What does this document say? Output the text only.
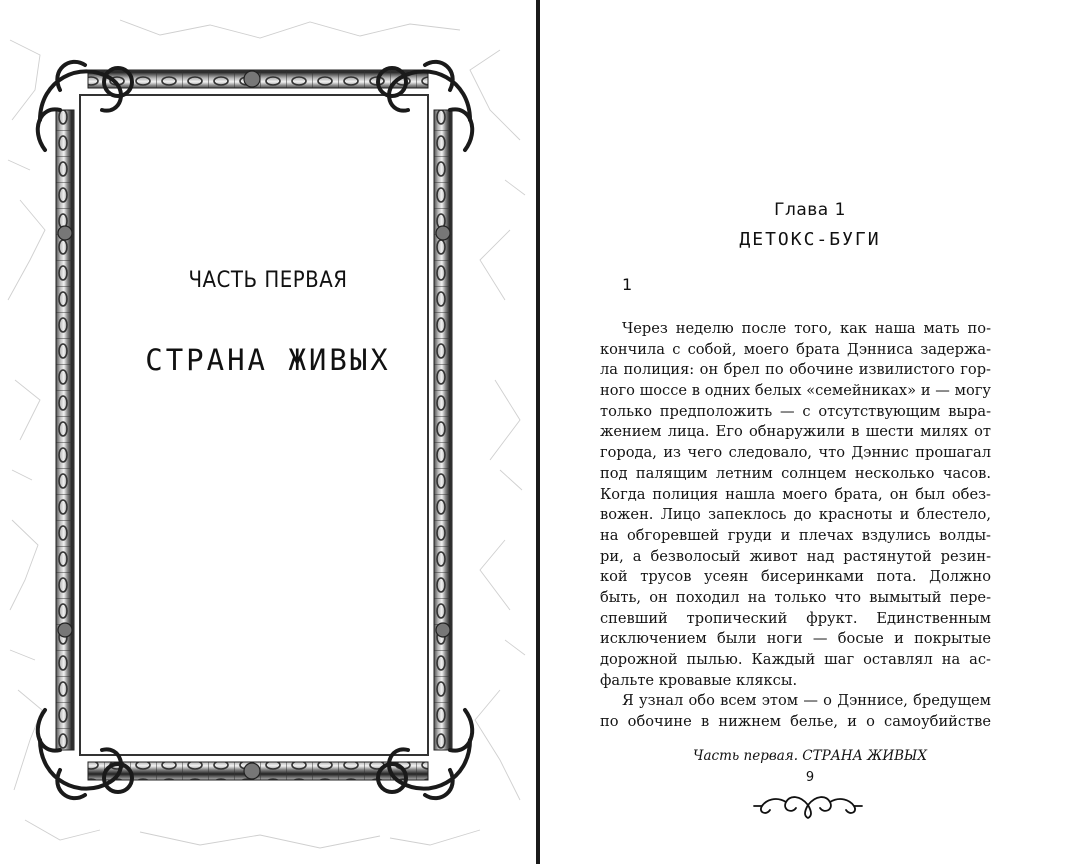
ЧАСТЬ ПЕРВАЯ
СТРАНА ЖИВЫХ
Глава 1
ДЕТОКС-БУГИ
1
Через неделю после того, как наша мать по-
кончила с собой, моего брата Дэнниса задержа-
ла полиция: он брел по обочине извилистого гор-
ного шоссе в одних белых «семейниках» и — могу
только предположить — с отсутствующим выра-
жением лица. Его обнаружили в шести милях от
города, из чего следовало, что Дэннис прошагал
под палящим летним солнцем несколько часов.
Когда полиция нашла моего брата, он был обез-
вожен. Лицо запеклось до красноты и блестело,
на обгоревшей груди и плечах вздулись волды-
ри, а безволосый живот над растянутой резин-
кой трусов усеян бисеринками пота. Должно
быть, он походил на только что вымытый пере-
спевший тропический фрукт. Единственным
исключением были ноги — босые и покрытые
дорожной пылью. Каждый шаг оставлял на ас-
фальте кровавые кляксы.
Я узнал обо всем этом — о Дэннисе, бредущем
по обочине в нижнем белье, и о самоубийстве
Часть первая. СТРАНА ЖИВЫХ
9
